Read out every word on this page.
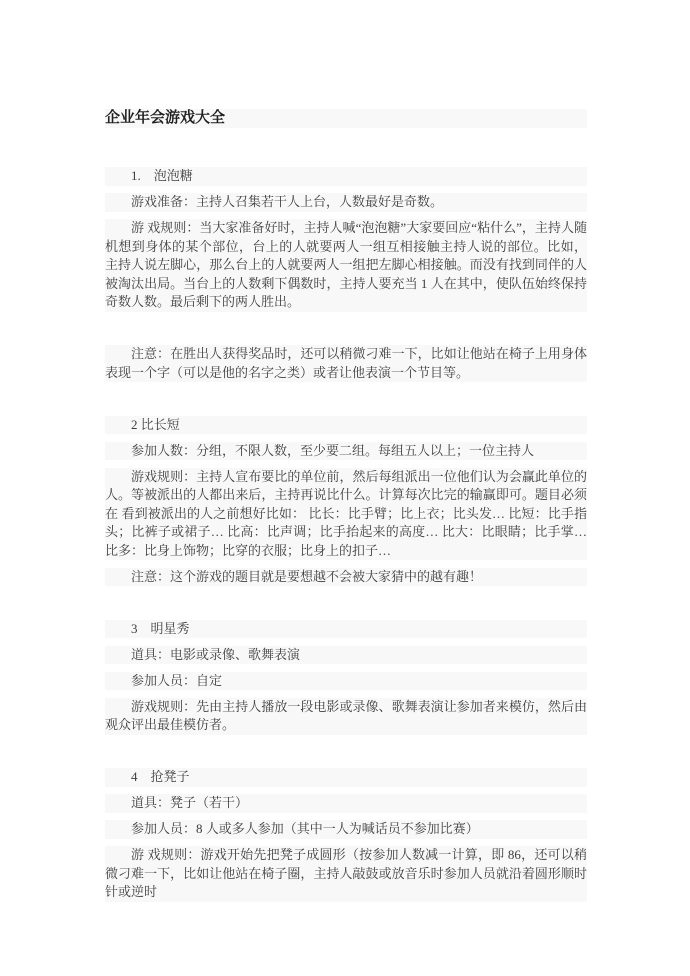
企业年会游戏大全

1.　泡泡糖

游戏准备：主持人召集若干人上台，人数最好是奇数。

游 戏规则：当大家准备好时，主持人喊“泡泡糖”大家要回应“粘什么”，主持人随机想到身体的某个部位，台上的人就要两人一组互相接触主持人说的部位。比如， 主持人说左脚心，那么台上的人就要两人一组把左脚心相接触。而没有找到同伴的人被淘汰出局。当台上的人数剩下偶数时，主持人要充当 1 人在其中，使队伍始终保持奇数人数。最后剩下的两人胜出。

注意：在胜出人获得奖品时，还可以稍微刁难一下，比如让他站在椅子上用身体表现一个字（可以是他的名字之类）或者让他表演一个节目等。

2 比长短

参加人数：分组，不限人数，至少要二组。每组五人以上；一位主持人

游戏规则：主持人宣布要比的单位前，然后每组派出一位他们认为会赢此单位的人。等被派出的人都出来后，主持再说比什么。计算每次比完的输赢即可。题目必须在 看到被派出的人之前想好比如： 比长：比手臂；比上衣；比头发… 比短：比手指头；比裤子或裙子… 比高：比声调；比手抬起来的高度… 比大：比眼睛；比手掌… 比多：比身上饰物；比穿的衣服；比身上的扣子…

注意：这个游戏的题目就是要想越不会被大家猜中的越有趣！

3　明星秀

道具：电影或录像、歌舞表演

参加人员：自定

游戏规则：先由主持人播放一段电影或录像、歌舞表演让参加者来模仿，然后由观众评出最佳模仿者。

4　抢凳子

道具：凳子（若干）

参加人员：8 人或多人参加（其中一人为喊话员不参加比赛）

游 戏规则：游戏开始先把凳子成圆形（按参加人数减一计算，即 86，还可以稍微刁难一下，比如让他站在椅子圈，主持人敲鼓或放音乐时参加人员就沿着圆形顺时 针或逆时
